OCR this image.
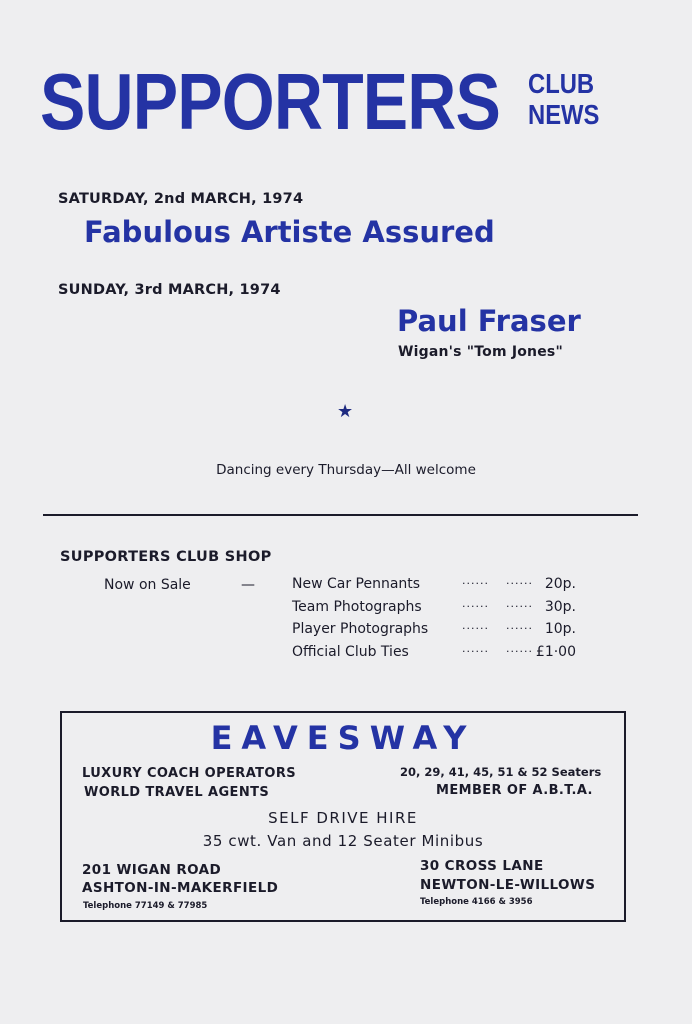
SUPPORTERS CLUB
NEWS
SATURDAY, 2nd MARCH, 1974
Fabulous Artiste Assured
SUNDAY, 3rd MARCH, 1974
Paul Fraser
Wigan's "Tom Jones"
★
Dancing every Thursday—All welcome
SUPPORTERS CLUB SHOP
Now on Sale	—	New Car Pennants	...... ...... 20p.
Team Photographs	...... ...... 30p.
Player Photographs	...... ...... 10p.
Official Club Ties	...... ...... £1·00
EAVESWAY
LUXURY COACH OPERATORS
WORLD TRAVEL AGENTS
20, 29, 41, 45, 51 & 52 Seaters
MEMBER OF A.B.T.A.
SELF DRIVE HIRE
35 cwt. Van and 12 Seater Minibus
201 WIGAN ROAD
ASHTON-IN-MAKERFIELD
Telephone 77149 & 77985
30 CROSS LANE
NEWTON-LE-WILLOWS
Telephone 4166 & 3956
